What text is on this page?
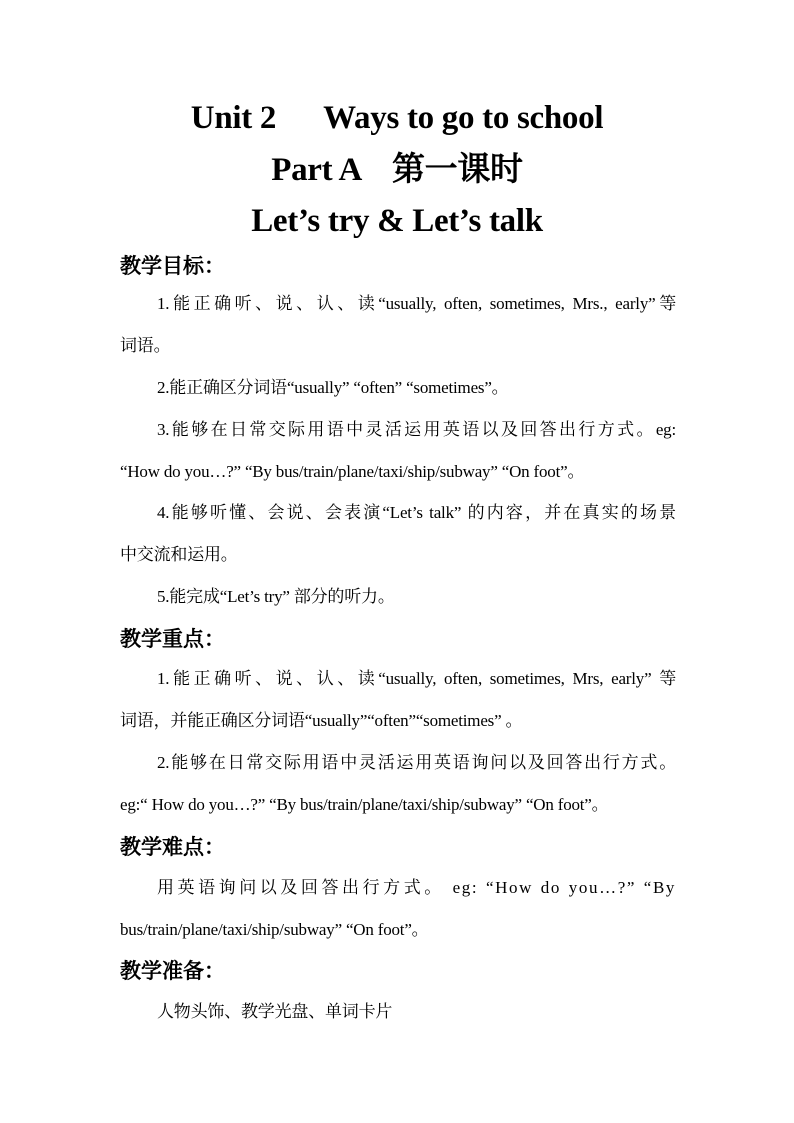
Unit 2      Ways to go to school
Part A    第一课时
Let’s try & Let’s talk
教学目标：
1.能正确听、说、认、读“usually, often, sometimes, Mrs., early”等
词语。
2.能正确区分词语“usually” “often” “sometimes”。
3.能够在日常交际用语中灵活运用英语以及回答出行方式。eg:
“How do you…?” “By bus/train/plane/taxi/ship/subway” “On foot”。
4.能够听懂、会说、会表演“Let’s talk” 的内容，并在真实的场景
中交流和运用。
5.能完成“Let’s try” 部分的听力。
教学重点：
1.能正确听、说、认、读“usually, often, sometimes, Mrs, early” 等
词语，并能正确区分词语“usually”“often”“sometimes” 。
2.能够在日常交际用语中灵活运用英语询问以及回答出行方式。
eg:“ How do you…?” “By bus/train/plane/taxi/ship/subway” “On foot”。
教学难点：
用英语询问以及回答出行方式。 eg: “How do you…?” “By
bus/train/plane/taxi/ship/subway” “On foot”。
教学准备：
人物头饰、教学光盘、单词卡片
